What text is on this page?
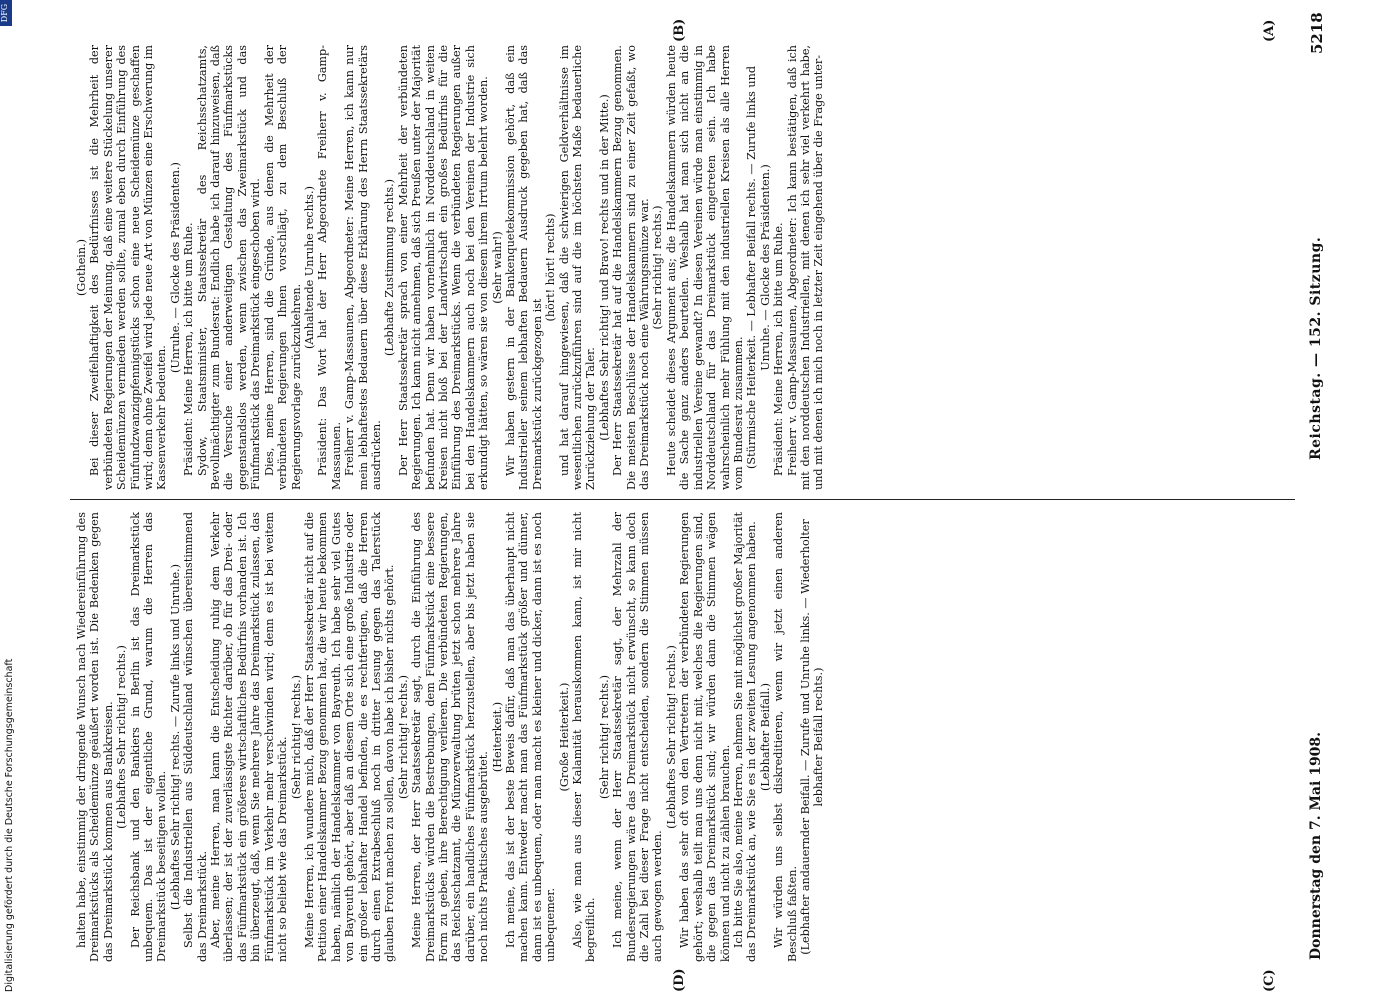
5218
Reichstag. — 152. Sitzung.
Donnerstag den 7. Mai 1908.
(A)
(B)
(C)
(D)

(Gothein.) Bei dieser Zweifelhaftigkeit des Bedürfnisses ist die Mehrheit der verbündeten Regierungen der Meinung, daß eine weitere Stückelung unserer Scheidemünzen vermieden werden sollte, zumal eben durch Einführung des Fünfundzwanzigpfennigstücks schon eine neue Scheidemünze geschaffen wird; denn ohne Zweifel wird jede neue Art von Münzen eine Erschwerung im Kassenverkehr bedeuten.

(Unruhe. — Glocke des Präsidenten.) Präsident: Meine Herren, ich bitte um Ruhe. Sydow, Staatsminister, Staatssekretär des Reichsschatzamts, Bevollmächtigter zum Bundesrat: Endlich habe ich darauf hinzuweisen, daß die Versuche einer anderweitigen Gestaltung des Fünfmarkstücks gegenstandslos werden, wenn zwischen das Zweimarkstück und das Fünfmarkstück das Dreimarkstück eingeschoben wird. Dies, meine Herren, sind die Gründe, aus denen die Mehrheit der verbündeten Regierungen Ihnen vorschlägt, zu dem Beschluß der Regierungsvorlage zurückzukehren.

(Anhaltende Unruhe rechts.) Präsident: Das Wort hat der Herr Abgeordnete Freiherr v. Gamp-Massaunen. Freiherr v. Gamp-Massaunen, Abgeordneter: Meine Herren, ich kann nur mein lebhaftestes Bedauern über diese Erklärung des Herrn Staatssekretärs ausdrücken.

(Lebhafte Zustimmung rechts.) Der Herr Staatssekretär sprach von einer Mehrheit der verbündeten Regierungen. Ich kann nicht annehmen, daß sich Preußen unter der Majorität befunden hat. Denn wir haben vornehmlich in Norddeutschland in weiten Kreisen nicht bloß bei der Landwirtschaft ein großes Bedürfnis für die Einführung des Dreimarkstücks. Wenn die verbündeten Regierungen außer bei den Handelskammern auch noch bei den Vereinen der Industrie sich erkundigt hätten, so wären sie von diesem ihrem Irrtum belehrt worden. (Sehr wahr!) Wir haben gestern in der Bankenquetekommission gehört, daß ein Industrieller seinem lebhaften Bedauern Ausdruck gegeben hat, daß das Dreimarkstück zurückgezogen ist

(hört! hört! rechts) und hat darauf hingewiesen, daß die schwierigen Geldverhältnisse im wesentlichen zurückzuführen sind auf die im höchsten Maße bedauerliche Zurückziehung der Taler. (Lebhaftes Sehr richtig! und Bravo! rechts und in der Mitte.) Der Herr Staatssekretär hat auf die Handelskammern Bezug genommen. Die meisten Beschlüsse der Handelskammern sind zu einer Zeit gefaßt, wo das Dreimarkstück noch eine Währungsmünze war. (Sehr richtig! rechts.) Heute scheidet dieses Argument aus; die Handelskammern würden heute die Sache ganz anders beurteilen. Weshalb hat man sich nicht an die industriellen Vereine gewandt? In diesen Vereinen würde man einstimmig in Norddeutschland für das Dreimarkstück eingetreten sein. Ich habe wahrscheinlich mehr Fühlung mit den industriellen Kreisen als alle Herren vom Bundesrat zusammen. (Stürmische Heiterkeit. — Lebhafter Beifall rechts. — Zurufe links und Unruhe. — Glocke des Präsidenten.) Präsident: Meine Herren, ich bitte um Ruhe. Freiherr v. Gamp-Massaunen, Abgeordneter: Ich kann bestätigen, daß ich mit den norddeutschen Industriellen, mit denen ich sehr viel verkehrt habe, und mit denen ich mich noch in letzter Zeit eingehend über die Frage unter-

halten habe, einstimmig der dringende Wunsch nach Wiedereinführung des Dreimarkstücks als Scheidemünze geäußert worden ist. Die Bedenken gegen das Dreimarkstück kommen aus Bankkreisen. (Lebhaftes Sehr richtig! rechts.) Der Reichsbank und den Bankiers in Berlin ist das Dreimarkstück unbequem. Das ist der eigentliche Grund, warum die Herren das Dreimarkstück beseitigen wollen. (Lebhaftes Sehr richtig! rechts. — Zurufe links und Unruhe.) Selbst die Industriellen aus Süddeutschland wünschen übereinstimmend das Dreimarkstück. Aber, meine Herren, man kann die Entscheidung ruhig dem Verkehr überlassen; der ist der zuverlässigste Richter darüber, ob für das Drei- oder das Fünfmarkstück ein größeres wirtschaftliches Bedürfnis vorhanden ist. Ich bin überzeugt, daß, wenn Sie mehrere Jahre das Dreimarkstück zulassen, das Fünfmarkstück im Verkehr mehr verschwinden wird; denn es ist bei weitem nicht so beliebt wie das Dreimarkstück. (Sehr richtig! rechts.) Meine Herren, ich wundere mich, daß der Herr Staatssekretär nicht auf die Petition einer Handelskammer Bezug genommen hat, die wir heute bekommen haben, nämlich der Handelskammer von Bayreuth. Ich habe sehr viel Gutes von Bayreuth gehört, aber daß an diesem Orte sich eine große Industrie oder ein großer lebhafter Handel befinden, die es rechtfertigen, daß die Herren durch einen Extrabeschluß noch in dritter Lesung gegen das Talerstück glauben Front machen zu sollen, davon habe ich bisher nichts gehört. (Sehr richtig! rechts.) Meine Herren, der Herr Staatssekretär sagt, durch die Einführung des Dreimarkstücks würden die Bestrebungen, dem Fünfmarkstück eine bessere Form zu geben, ihre Berechtigung verlieren. Die verbündeten Regierungen, das Reichsschatzamt, die Münzverwaltung brüten jetzt schon mehrere Jahre darüber, ein handliches Fünfmarkstück herzustellen, aber bis jetzt haben sie noch nichts Praktisches ausgebrütet.

(Heiterkeit.) Ich meine, das ist der beste Beweis dafür, daß man das überhaupt nicht machen kann. Entweder macht man das Fünfmarkstück größer und dünner, dann ist es unbequem, oder man macht es kleiner und dicker, dann ist es noch unbequemer.

(Große Heiterkeit.) Also, wie man aus dieser Kalamität herauskommen kann, ist mir nicht begreiflich.

(Sehr richtig! rechts.) Ich meine, wenn der Herr Staatssekretär sagt, der Mehrzahl der Bundesregierungen wäre das Dreimarkstück nicht erwünscht, so kann doch die Zahl bei dieser Frage nicht entscheiden, sondern die Stimmen müssen auch gewogen werden.

(Lebhaftes Sehr richtig! rechts.) Wir haben das sehr oft von den Vertretern der verbündeten Regierungen gehört; weshalb teilt man uns denn nicht mit, welches die Regierungen sind, die gegen das Dreimarkstück sind; wir würden dann die Stimmen wägen können und nicht zu zählen brauchen. Ich bitte Sie also, meine Herren, nehmen Sie mit möglichst großer Majorität das Dreimarkstück an, wie Sie es in der zweiten Lesung angenommen haben. (Lebhafter Beifall.) Wir würden uns selbst diskreditieren, wenn wir jetzt einen anderen Beschluß faßten. (Lebhafter andauernder Beifall. — Zurufe und Unruhe links. — Wiederholter lebhafter Beifall rechts.)

Digitalisierung gefördert durch die Deutsche Forschungsgemeinschaft
DFG
